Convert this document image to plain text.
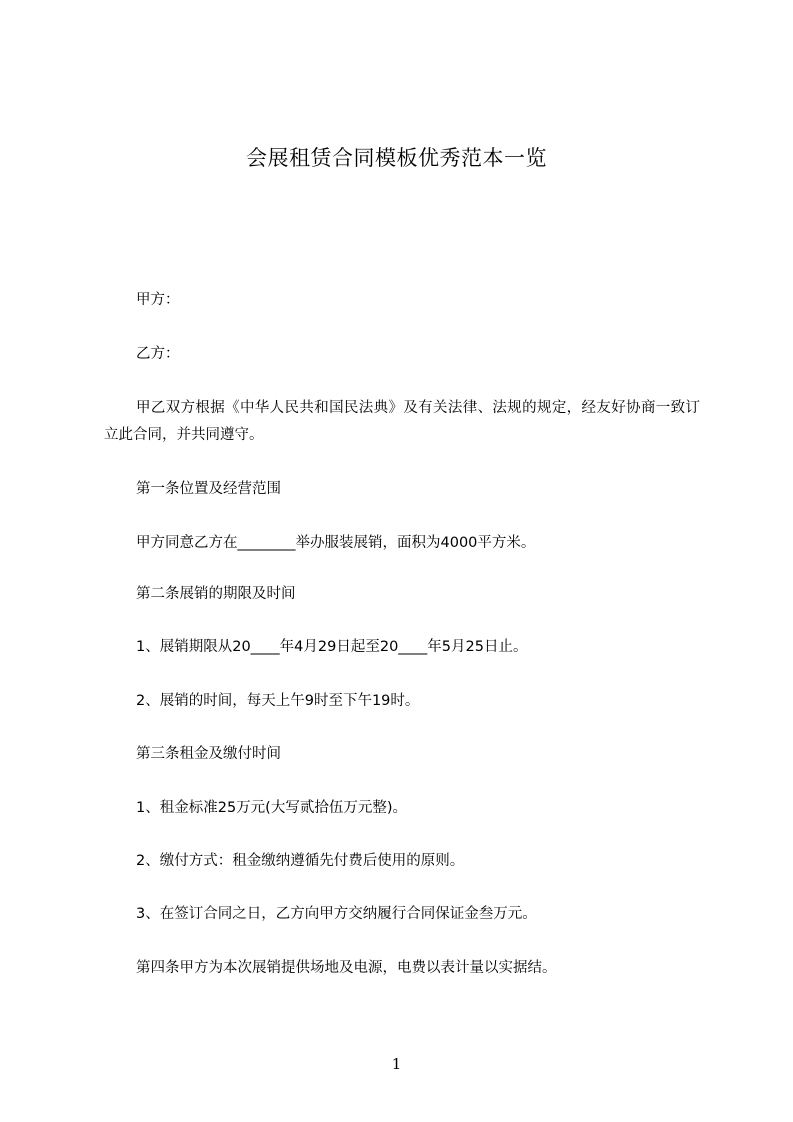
会展租赁合同模板优秀范本一览
甲方：
乙方：
甲乙双方根据《中华人民共和国民法典》及有关法律、法规的规定，经友好协商一致订立此合同，并共同遵守。
第一条位置及经营范围
甲方同意乙方在________举办服装展销，面积为4000平方米。
第二条展销的期限及时间
1、展销期限从20____年4月29日起至20____年5月25日止。
2、展销的时间，每天上午9时至下午19时。
第三条租金及缴付时间
1、租金标准25万元(大写贰拾伍万元整)。
2、缴付方式：租金缴纳遵循先付费后使用的原则。
3、在签订合同之日，乙方向甲方交纳履行合同保证金叁万元。
第四条甲方为本次展销提供场地及电源，电费以表计量以实据结。
1
